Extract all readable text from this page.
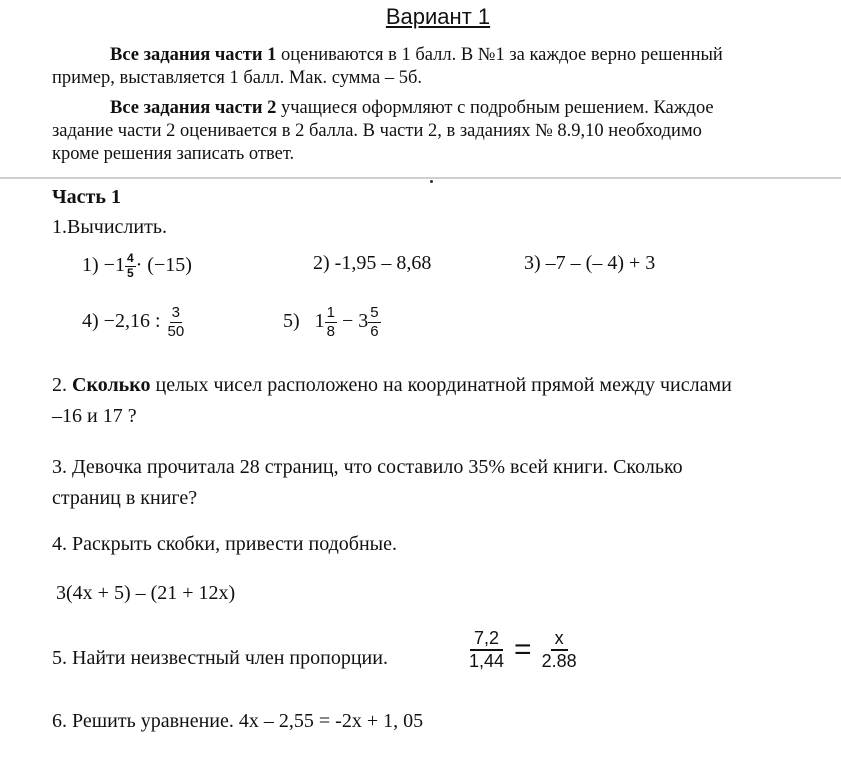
Вариант 1
Все задания части 1 оцениваются в 1 балл. В №1 за каждое верно решенный
пример, выставляется 1 балл. Мак. сумма – 5б.
Все задания части 2 учащиеся оформляют с подробным решением. Каждое
задание части 2 оценивается в 2 балла. В части 2, в заданиях № 8.9,10 необходимо
кроме решения записать ответ.
Часть 1
1.Вычислить.
$1) -1 \frac{4}{5} \cdot (-15)$	2) -1,95 – 8,68	3) –7 – (– 4) + 3
4) −2,16 : $\frac{3}{50}$	5) $1 \frac{1}{8} - 3 \frac{5}{6}$
2. Сколько целых чисел расположено на координатной прямой между числами
–16 и 17 ?
3. Девочка прочитала 28 страниц, что составило 35% всей книги. Сколько
страниц в книге?
4. Раскрыть скобки, привести подобные.
3(4x + 5) – (21 + 12x)
5. Найти неизвестный член пропорции.	$\frac{7,2}{1,44} = \frac{x}{2.88}$
6. Решить уравнение. 4x – 2,55 = -2x + 1, 05
